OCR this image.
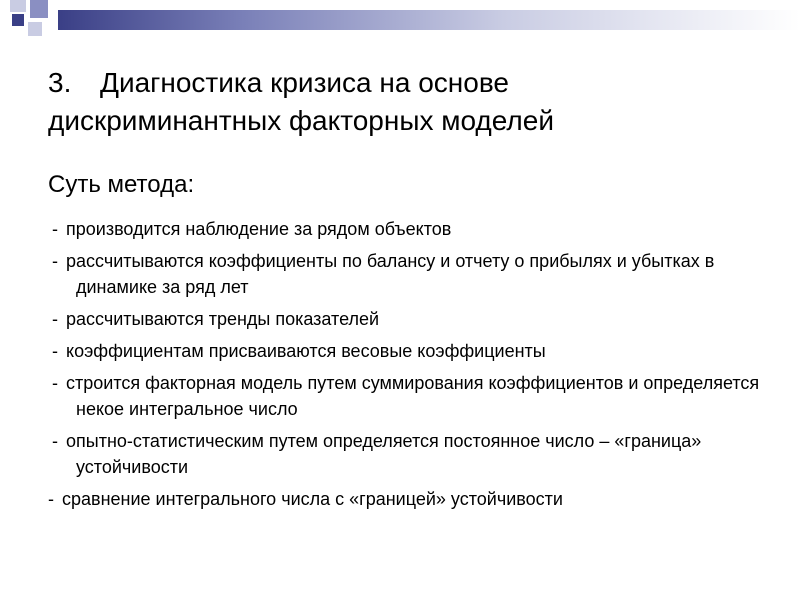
3. Диагностика кризиса на основе
дискриминантных факторных моделей
Суть метода:
- производится наблюдение за рядом объектов
- рассчитываются коэффициенты по балансу и отчету о прибылях и убытках в динамике за ряд лет
- рассчитываются тренды показателей
- коэффициентам присваиваются весовые коэффициенты
- строится факторная модель путем суммирования коэффициентов и определяется некое интегральное число
- опытно-статистическим путем определяется постоянное число – «граница» устойчивости
- сравнение интегрального числа с «границей» устойчивости
